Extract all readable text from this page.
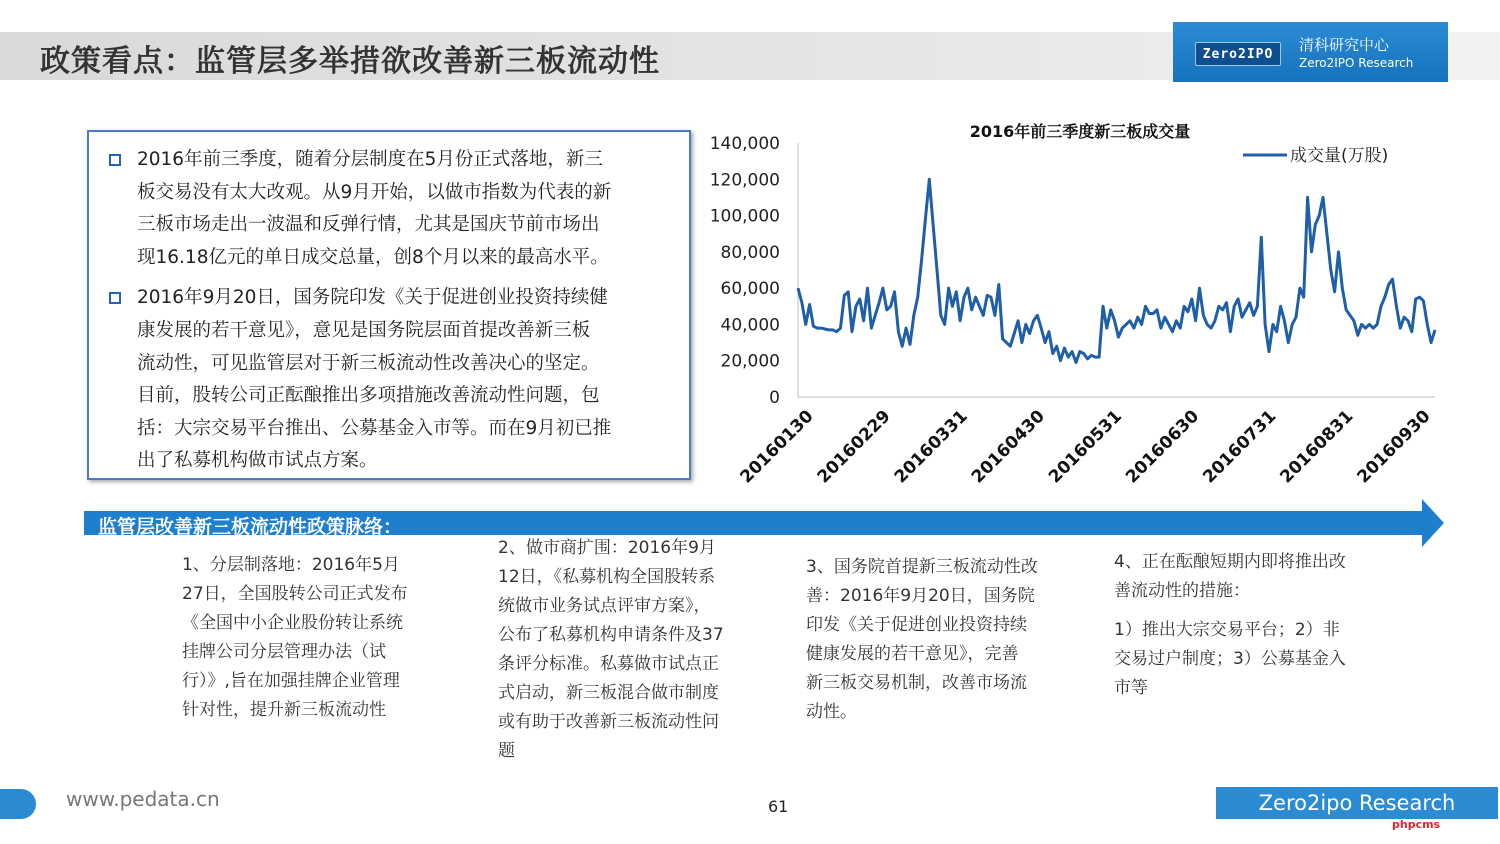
政策看点：监管层多举措欲改善新三板流动性	Zero2IPO	清科研究中心
Zero2IPO Research
2016年前三季度，随着分层制度在5月份正式落地，新三
板交易没有太大改观。从9月开始，以做市指数为代表的新
三板市场走出一波温和反弹行情，尤其是国庆节前市场出
现16.18亿元的单日成交总量，创8个月以来的最高水平。
2016年9月20日，国务院印发《关于促进创业投资持续健
康发展的若干意见》，意见是国务院层面首提改善新三板
流动性，可见监管层对于新三板流动性改善决心的坚定。
目前，股转公司正酝酿推出多项措施改善流动性问题，包
括：大宗交易平台推出、公募基金入市等。而在9月初已推
出了私募机构做市试点方案。
2016年前三季度新三板成交量
0
20,000
40,000
60,000
80,000
100,000
120,000
140,000
20160130
20160229
20160331
20160430
20160531
20160630
20160731
20160831
20160930
成交量(万股)
监管层改善新三板流动性政策脉络：

1、分层制落地：2016年5月

27日，全国股转公司正式发布

《全国中小企业股份转让系统

挂牌公司分层管理办法（试

行）》,旨在加强挂牌企业管理

针对性，提升新三板流动性

2、做市商扩围：2016年9月

12日，《私募机构全国股转系

统做市业务试点评审方案》，

公布了私募机构申请条件及37

条评分标准。私募做市试点正

式启动，新三板混合做市制度

或有助于改善新三板流动性问

题

3、国务院首提新三板流动性改

善：2016年9月20日，国务院

印发《关于促进创业投资持续

健康发展的若干意见》，完善

新三板交易机制，改善市场流

动性。

4、正在酝酿短期内即将推出改

善流动性的措施：

1）推出大宗交易平台；2）非

交易过户制度；3）公募基金入

市等

www.pedata.cn	61	Zero2ipo Research
phpcms
